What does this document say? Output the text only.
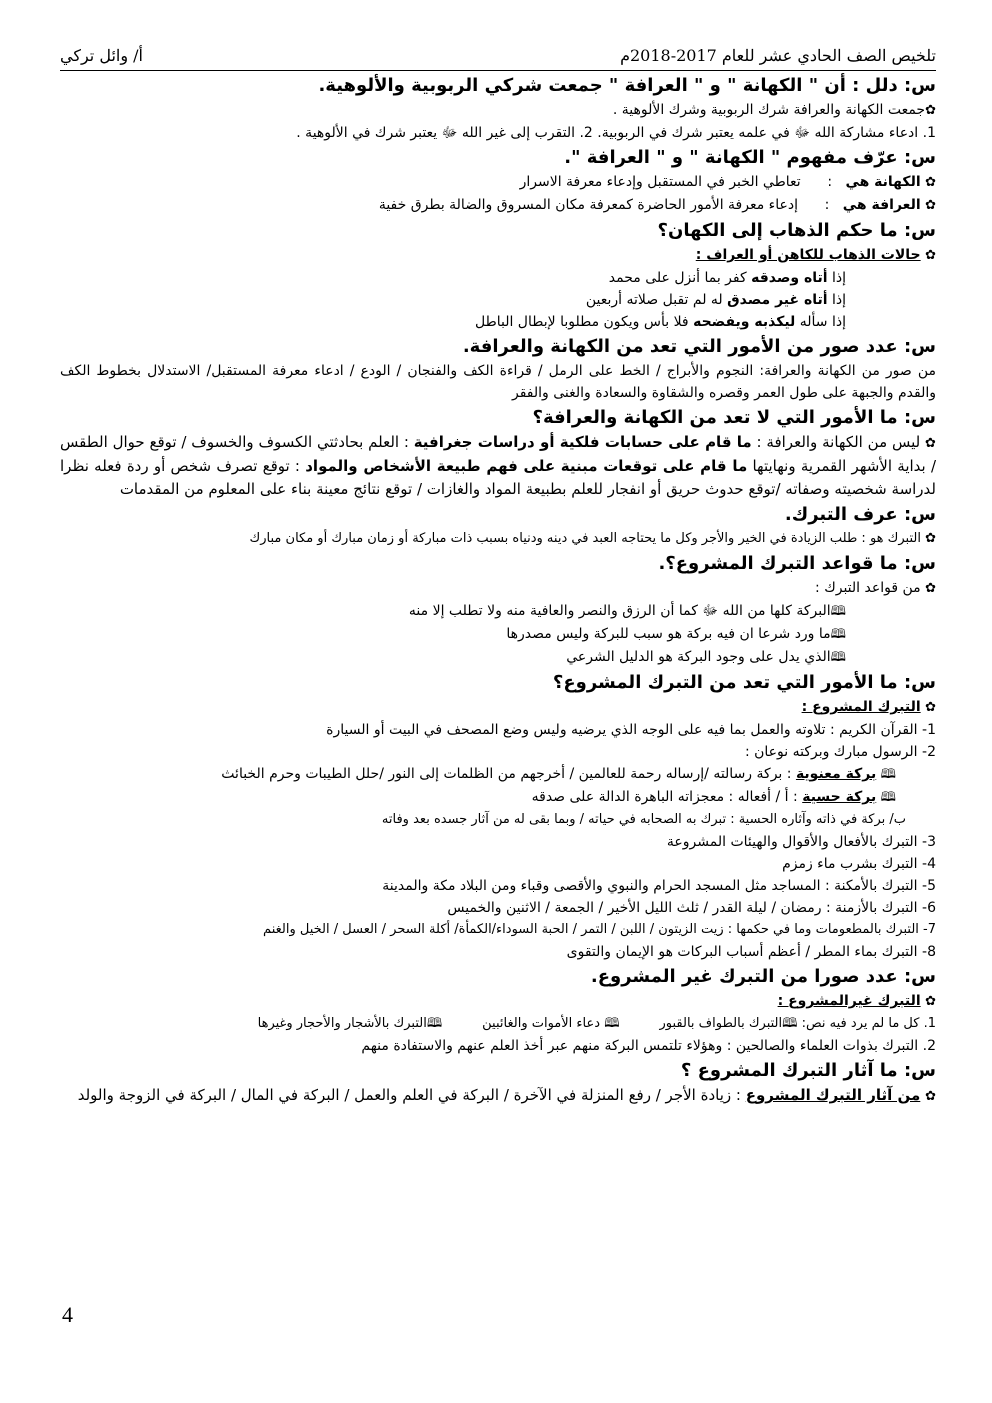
تلخيص الصف الحادي عشر للعام 2017-2018م
أ/ وائل تركي
س: دلل : أن " الكهانة " و " العرافة " جمعت شركي الربوبية والألوهية.
✿جمعت الكهانة والعرافة شرك الربوبية وشرك الألوهية .
1. ادعاء مشاركة الله ﷻ في علمه يعتبر شرك في الربوبية. 2. التقرب إلى غير الله ﷻ يعتبر شرك في الألوهية .
س: عرّف مفهوم " الكهانة " و " العرافة ".
✿ الكهانة هي   :      تعاطي الخبر في المستقبل وإدعاء معرفة الاسرار
✿ العرافة هي   :      إدعاء معرفة الأمور الحاضرة كمعرفة مكان المسروق والضالة بطرق خفية
س: ما حكم الذهاب إلى الكهان؟
✿ حالات الذهاب للكاهن أو العراف :
إذا أتاه وصدقه كفر بما أنزل على محمد
إذا أتاه غير مصدق له لم تقبل صلاته أربعين
إذا سأله ليكذبه ويفضحه فلا بأس ويكون مطلوبا لإبطال الباطل
س: عدد صور من الأمور التي تعد من الكهانة والعرافة.
من صور من الكهانة والعرافة: النجوم والأبراج / الخط على الرمل / قراءة الكف والفنجان / الودع / ادعاء معرفة المستقبل/ الاستدلال بخطوط الكف والقدم والجبهة على طول العمر وقصره والشقاوة والسعادة والغنى والفقر
س: ما الأمور التي لا تعد من الكهانة والعرافة؟
✿ ليس من الكهانة والعرافة : ما قام على حسابات فلكية أو دراسات جغرافية : العلم بحادثتي الكسوف والخسوف / توقع حوال الطقس / بداية الأشهر القمرية ونهايتها ما قام على توقعات مبنية على فهم طبيعة الأشخاص والمواد : توقع تصرف شخص أو ردة فعله نظرا لدراسة شخصيته وصفاته /توقع حدوث حريق أو انفجار للعلم بطبيعة المواد والغازات / توقع نتائج معينة بناء على المعلوم من المقدمات
س: عرف التبرك.
✿ التبرك هو : طلب الزيادة في الخير والأجر وكل ما يحتاجه العبد في دينه ودنياه بسبب ذات مباركة أو زمان مبارك أو مكان مبارك
س: ما قواعد التبرك المشروع؟.
✿ من قواعد التبرك :
🕮البركة كلها من الله ﷻ كما أن الرزق والنصر والعافية منه ولا تطلب إلا منه
🕮ما ورد شرعا ان فيه بركة هو سبب للبركة وليس مصدرها
🕮الذي يدل على وجود البركة هو الدليل الشرعي
س: ما الأمور التي تعد من التبرك المشروع؟
✿ التبرك المشروع :
1- القرآن الكريم : تلاوته والعمل بما فيه على الوجه الذي يرضيه وليس وضع المصحف في البيت أو السيارة
2- الرسول مبارك وبركته نوعان :
🕮 بركة معنوية : بركة رسالته /إرساله رحمة للعالمين / أخرجهم من الظلمات إلى النور /حلل الطيبات وحرم الخبائث
🕮 بركة حسية : أ / أفعاله : معجزاته الباهرة الدالة على صدقه
ب/ بركة في ذاته وآثاره الحسية : تبرك به الصحابه في حياته / وبما بقى له من آثار جسده بعد وفاته
3- التبرك بالأفعال والأقوال والهيئات المشروعة
4- التبرك بشرب ماء زمزم
5- التبرك بالأمكنة : المساجد مثل المسجد الحرام والنبوي والأقصى وقباء ومن البلاد مكة والمدينة
6- التبرك بالأزمنة : رمضان / ليلة القدر / ثلث الليل الأخير / الجمعة / الاثنين والخميس
7- التبرك بالمطعومات وما في حكمها : زيت الزيتون / اللبن / التمر / الحبة السوداء/الكمأة/ أكلة السحر / العسل / الخيل والغنم
8- التبرك بماء المطر / أعظم أسباب البركات هو الإيمان والتقوى
س: عدد صورا من التبرك غير المشروع.
✿ التبرك غيرالمشروع :
1. كل ما لم يرد فيه نص: 🕮التبرك بالطواف بالقبور🕮 دعاء الأموات والغائبين🕮التبرك بالأشجار والأحجار وغيرها
2. التبرك بذوات العلماء والصالحين : وهؤلاء تلتمس البركة منهم عبر أخذ العلم عنهم والاستفادة منهم
س: ما آثار التبرك المشروع ؟
✿ من آثار التبرك المشروع : زيادة الأجر / رفع المنزلة في الآخرة / البركة في العلم والعمل / البركة في المال / البركة في الزوجة والولد
4
